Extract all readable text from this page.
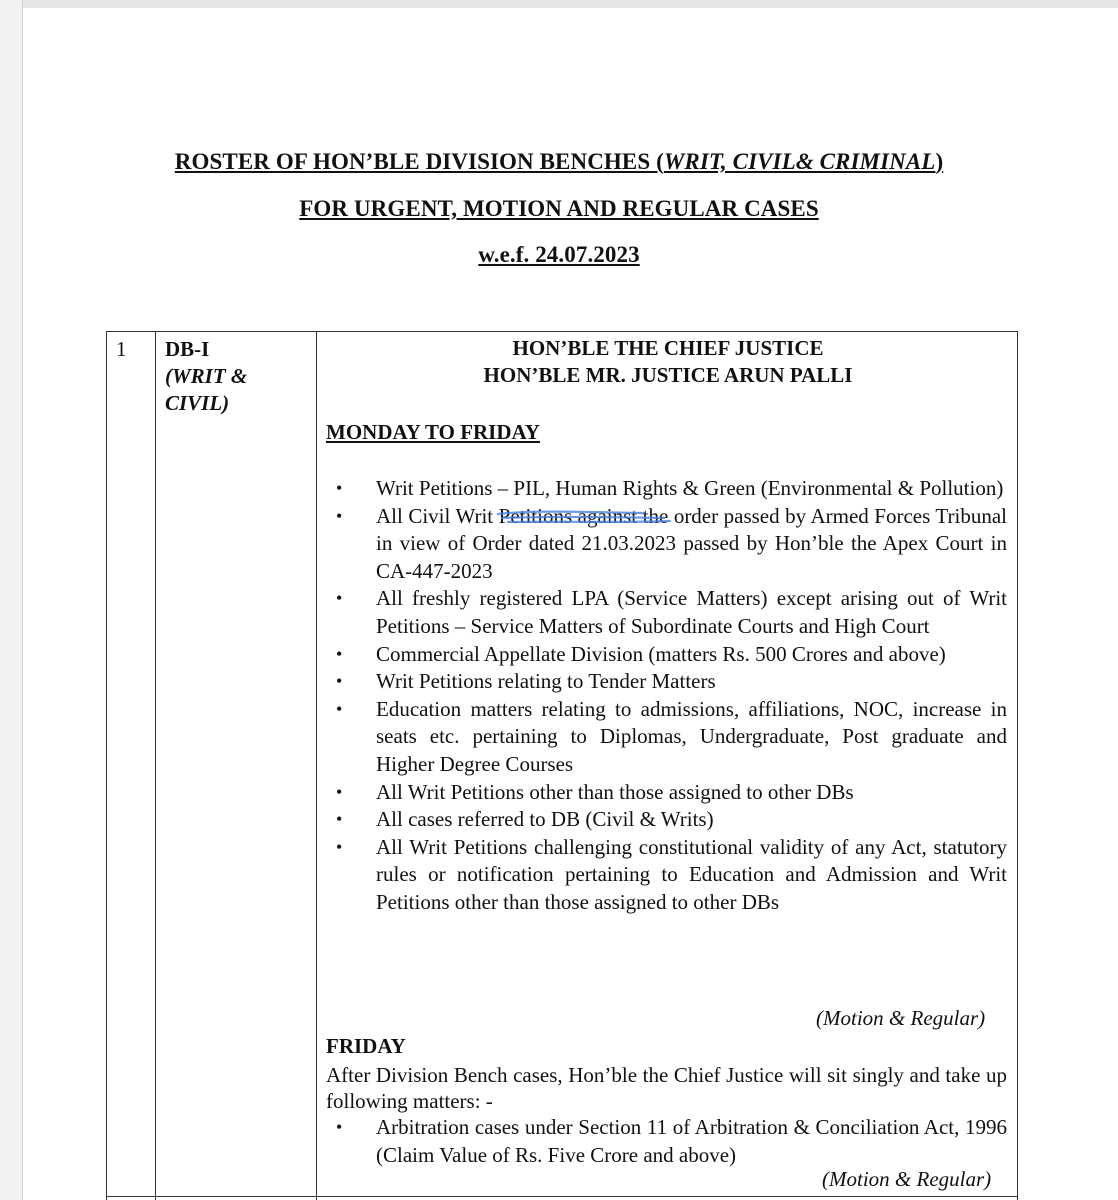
ROSTER OF HON’BLE DIVISION BENCHES (WRIT, CIVIL& CRIMINAL)
FOR URGENT, MOTION AND REGULAR CASES
w.e.f. 24.07.2023
1 DB-I
(WRIT &
CIVIL)
HON’BLE THE CHIEF JUSTICE
HON’BLE MR. JUSTICE ARUN PALLI
MONDAY TO FRIDAY
• Writ Petitions – PIL, Human Rights & Green (Environmental & Pollution)
• All Civil Writ Petitions against the order passed by Armed Forces Tribunal in view of Order dated 21.03.2023 passed by Hon’ble the Apex Court in CA-447-2023
• All freshly registered LPA (Service Matters) except arising out of Writ Petitions – Service Matters of Subordinate Courts and High Court
• Commercial Appellate Division (matters Rs. 500 Crores and above)
• Writ Petitions relating to Tender Matters
• Education matters relating to admissions, affiliations, NOC, increase in seats etc. pertaining to Diplomas, Undergraduate, Post graduate and Higher Degree Courses
• All Writ Petitions other than those assigned to other DBs
• All cases referred to DB (Civil & Writs)
• All Writ Petitions challenging constitutional validity of any Act, statutory rules or notification pertaining to Education and Admission and Writ Petitions other than those assigned to other DBs
(Motion & Regular)
FRIDAY
After Division Bench cases, Hon’ble the Chief Justice will sit singly and take up following matters: -
• Arbitration cases under Section 11 of Arbitration & Conciliation Act, 1996 (Claim Value of Rs. Five Crore and above)
(Motion & Regular)
